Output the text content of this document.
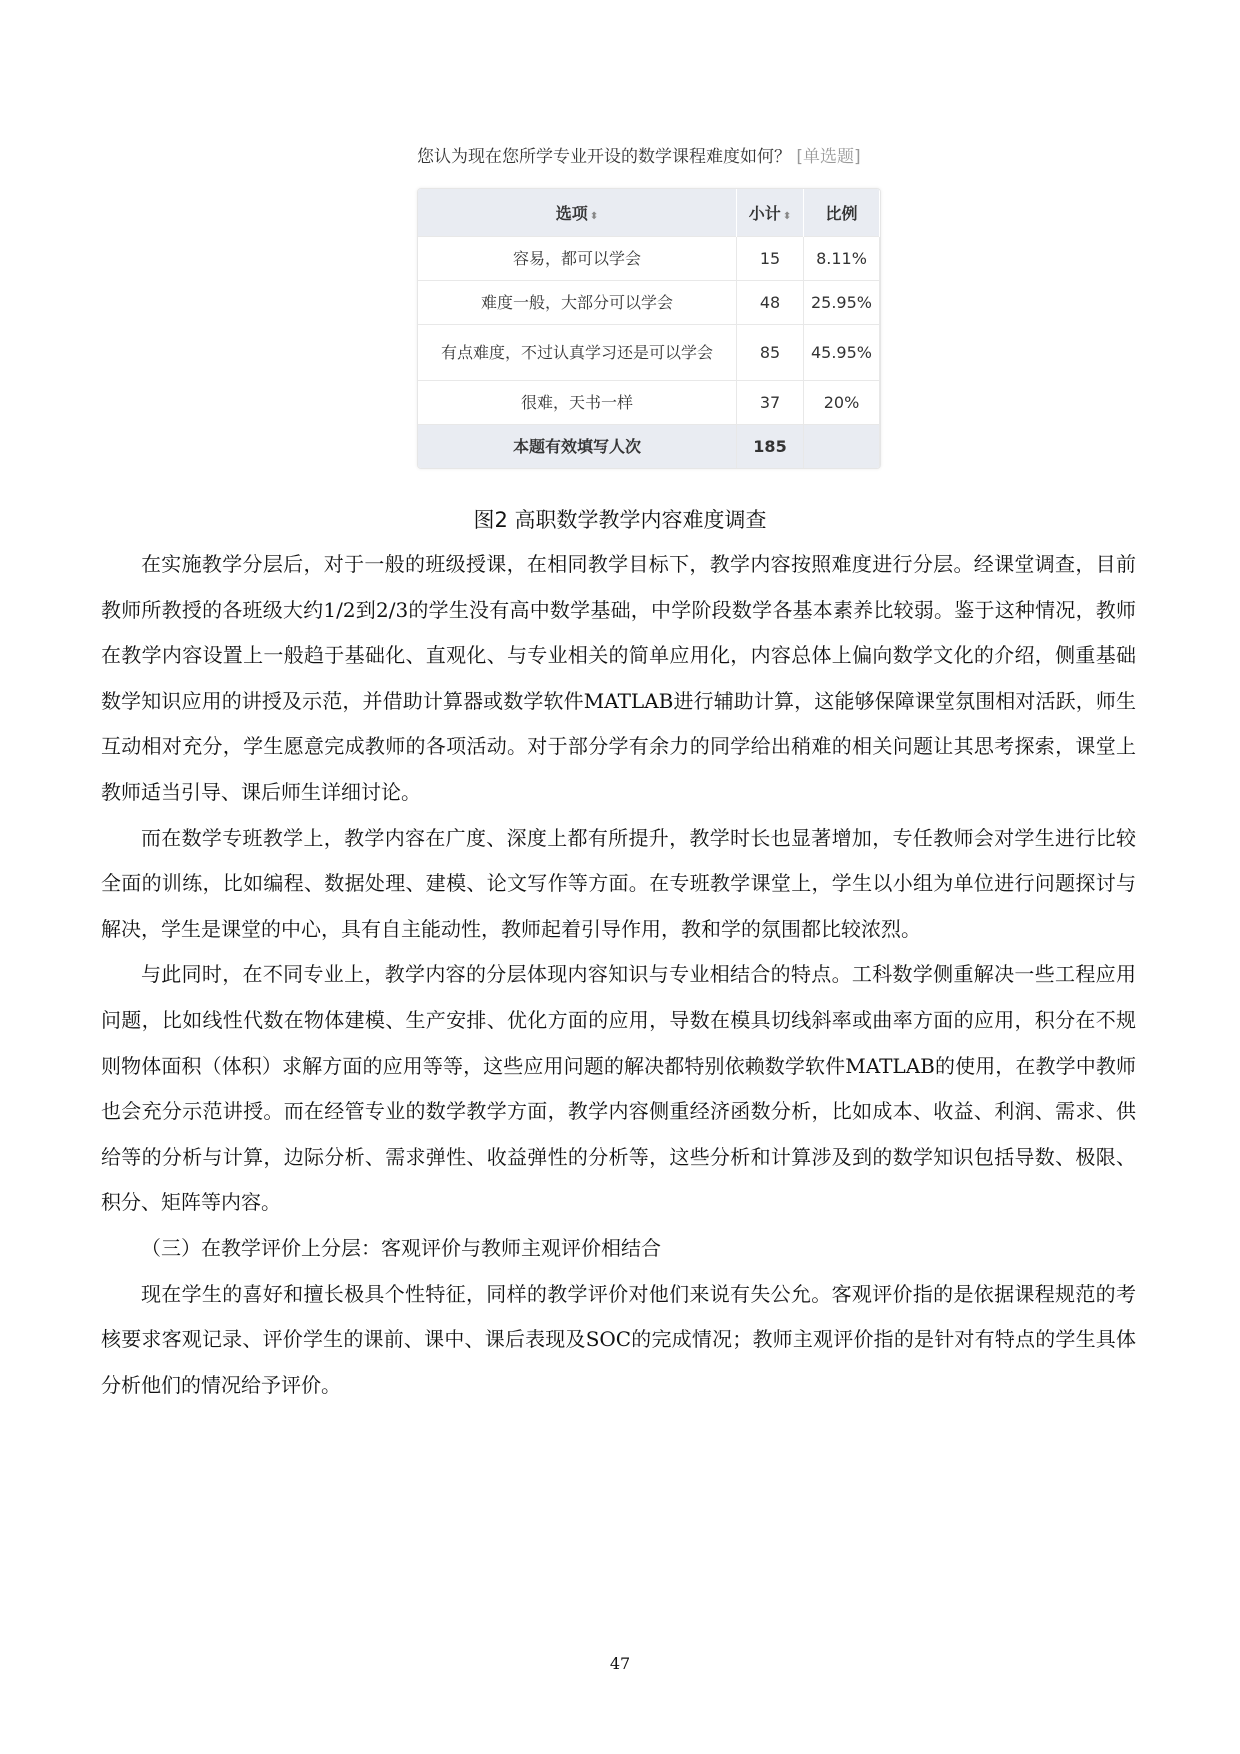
您认为现在您所学专业开设的数学课程难度如何？ [单选题]

选项 ⬍	小计 ⬍	比例
容易，都可以学会	15	8.11%
难度一般，大部分可以学会	48	25.95%
有点难度，不过认真学习还是可以学会	85	45.95%
很难，天书一样	37	20%
本题有效填写人次	185	
图2 高职数学教学内容难度调查

在实施教学分层后，对于一般的班级授课，在相同教学目标下，教学内容按照难度进行分层。经课堂调查，目前教师所教授的各班级大约1/2到2/3的学生没有高中数学基础，中学阶段数学各基本素养比较弱。鉴于这种情况，教师在教学内容设置上一般趋于基础化、直观化、与专业相关的简单应用化，内容总体上偏向数学文化的介绍，侧重基础数学知识应用的讲授及示范，并借助计算器或数学软件MATLAB进行辅助计算，这能够保障课堂氛围相对活跃，师生互动相对充分，学生愿意完成教师的各项活动。对于部分学有余力的同学给出稍难的相关问题让其思考探索，课堂上教师适当引导、课后师生详细讨论。

而在数学专班教学上，教学内容在广度、深度上都有所提升，教学时长也显著增加，专任教师会对学生进行比较全面的训练，比如编程、数据处理、建模、论文写作等方面。在专班教学课堂上，学生以小组为单位进行问题探讨与解决，学生是课堂的中心，具有自主能动性，教师起着引导作用，教和学的氛围都比较浓烈。

与此同时，在不同专业上，教学内容的分层体现内容知识与专业相结合的特点。工科数学侧重解决一些工程应用问题，比如线性代数在物体建模、生产安排、优化方面的应用，导数在模具切线斜率或曲率方面的应用，积分在不规则物体面积（体积）求解方面的应用等等，这些应用问题的解决都特别依赖数学软件MATLAB的使用，在教学中教师也会充分示范讲授。而在经管专业的数学教学方面，教学内容侧重经济函数分析，比如成本、收益、利润、需求、供给等的分析与计算，边际分析、需求弹性、收益弹性的分析等，这些分析和计算涉及到的数学知识包括导数、极限、积分、矩阵等内容。

（三）在教学评价上分层：客观评价与教师主观评价相结合

现在学生的喜好和擅长极具个性特征，同样的教学评价对他们来说有失公允。客观评价指的是依据课程规范的考核要求客观记录、评价学生的课前、课中、课后表现及SOC的完成情况；教师主观评价指的是针对有特点的学生具体分析他们的情况给予评价。

47
